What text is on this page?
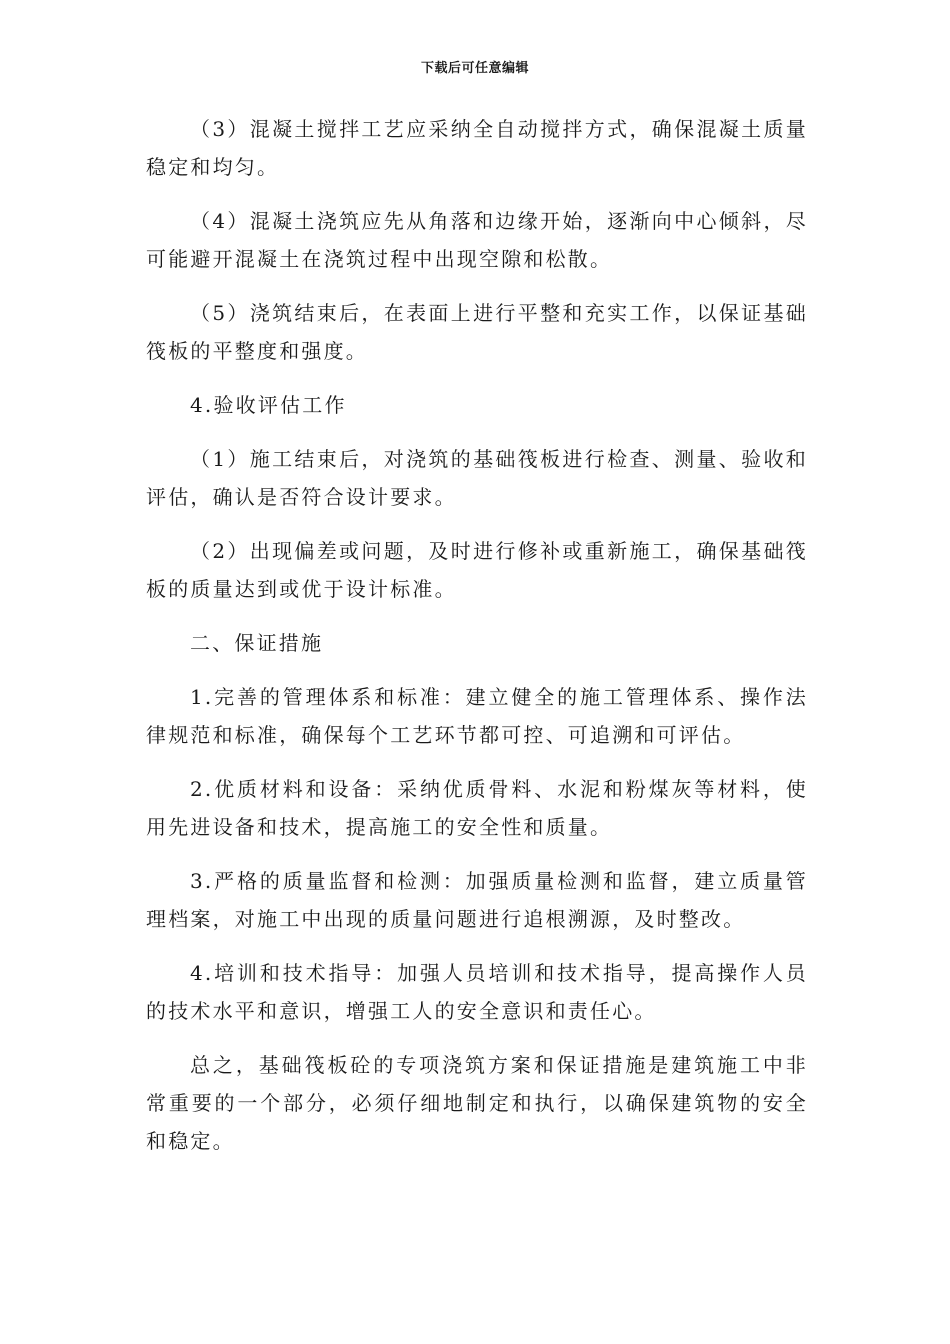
下载后可任意编辑

（3）混凝土搅拌工艺应采纳全自动搅拌方式，确保混凝土质量稳定和均匀。

（4）混凝土浇筑应先从角落和边缘开始，逐渐向中心倾斜，尽可能避开混凝土在浇筑过程中出现空隙和松散。

（5）浇筑结束后，在表面上进行平整和充实工作，以保证基础筏板的平整度和强度。

4.验收评估工作

（1）施工结束后，对浇筑的基础筏板进行检查、测量、验收和评估，确认是否符合设计要求。

（2）出现偏差或问题，及时进行修补或重新施工，确保基础筏板的质量达到或优于设计标准。

二、保证措施

1.完善的管理体系和标准：建立健全的施工管理体系、操作法律规范和标准，确保每个工艺环节都可控、可追溯和可评估。

2.优质材料和设备：采纳优质骨料、水泥和粉煤灰等材料，使用先进设备和技术，提高施工的安全性和质量。

3.严格的质量监督和检测：加强质量检测和监督，建立质量管理档案，对施工中出现的质量问题进行追根溯源，及时整改。

4.培训和技术指导：加强人员培训和技术指导，提高操作人员的技术水平和意识，增强工人的安全意识和责任心。

总之，基础筏板砼的专项浇筑方案和保证措施是建筑施工中非常重要的一个部分，必须仔细地制定和执行，以确保建筑物的安全和稳定。
